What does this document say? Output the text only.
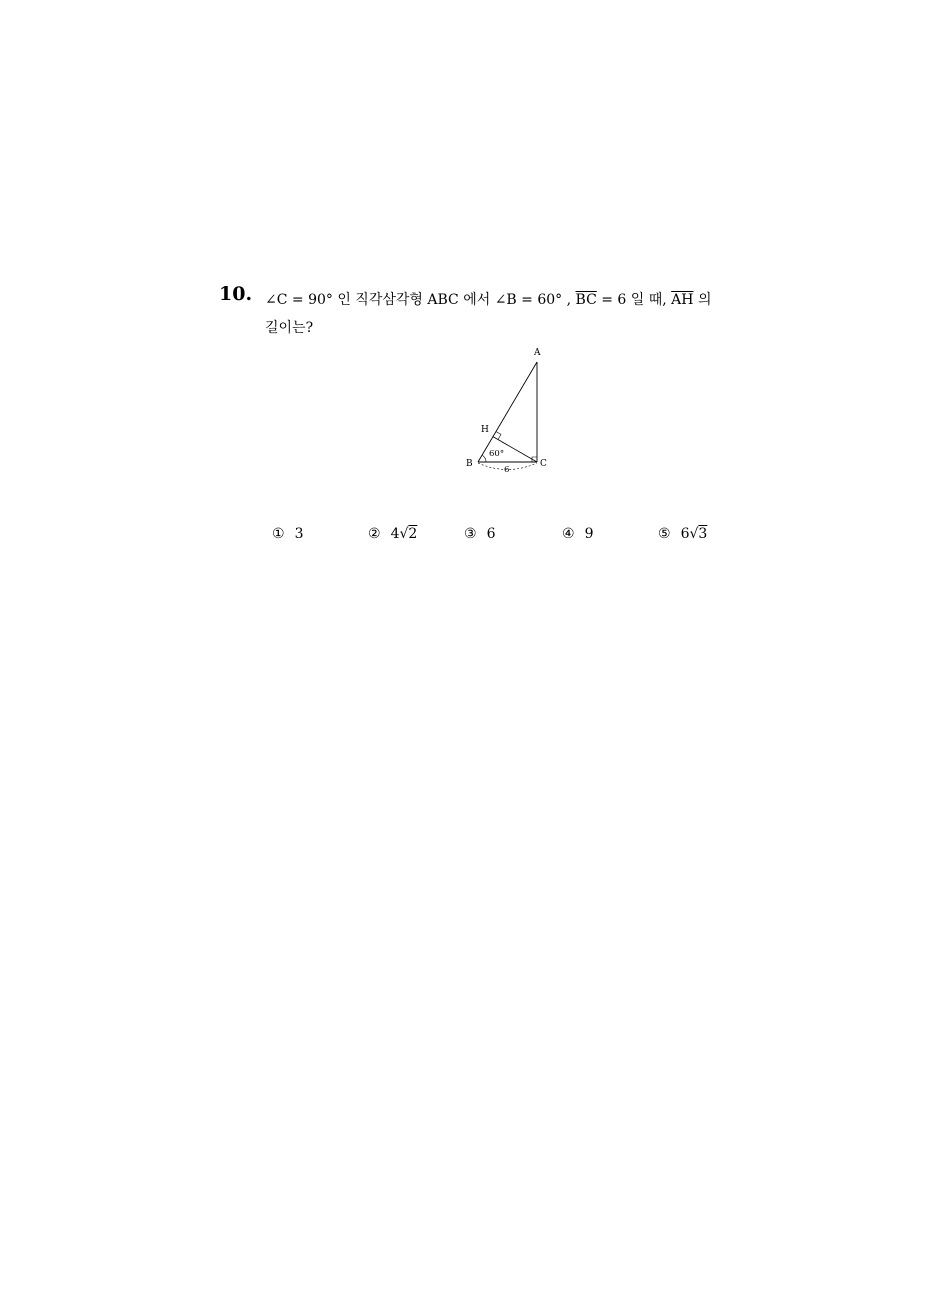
10. ∠C = 90° 인 직각삼각형 ABC 에서 ∠B = 60° , $\overline{BC} = 6$ 일 때, $\overline{AH}$ 의
길이는?
A
H
B	C
60°
6
① 3	② 4√2	③ 6	④ 9	⑤ 6√3
